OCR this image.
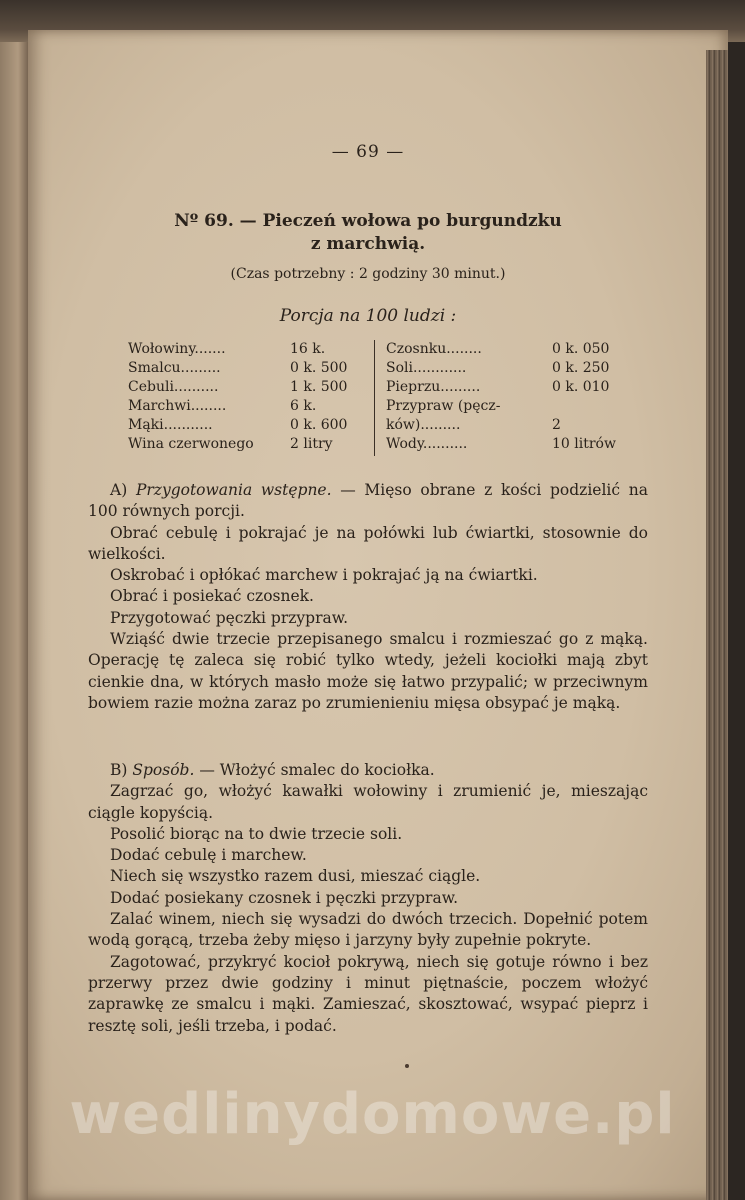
— 69 —
Nº 69. — Pieczeń wołowa po burgundzku
z marchwią.
(Czas potrzebny : 2 godziny 30 minut.)
Porcja na 100 ludzi :
Wołowiny.......	16 k.
Smalcu.........	0 k. 500
Cebuli..........	1 k. 500
Marchwi........	6 k.
Mąki...........	0 k. 600
Wina czerwonego	2 litry
Czosnku........	0 k. 050
Soli............	0 k. 250
Pieprzu.........	0 k. 010
Przypraw (pęcz-
ków).........	2
Wody..........	10 litrów

A) Przygotowania wstępne. — Mięso obrane z kości podzielić na 100 równych porcji.

Obrać cebulę i pokrajać je na połówki lub ćwiartki, stosownie do wielkości.

Oskrobać i opłókać marchew i pokrajać ją na ćwiartki.

Obrać i posiekać czosnek.

Przygotować pęczki przypraw.

Wziąść dwie trzecie przepisanego smalcu i rozmieszać go z mąką. Operację tę zaleca się robić tylko wtedy, jeżeli kociołki mają zbyt cienkie dna, w których masło może się łatwo przypalić; w przeciwnym bowiem razie można zaraz po zrumienieniu mięsa obsypać je mąką.

B) Sposób. — Włożyć smalec do kociołka.

Zagrzać go, włożyć kawałki wołowiny i zrumienić je, mieszając ciągle kopyścią.

Posolić biorąc na to dwie trzecie soli.

Dodać cebulę i marchew.

Niech się wszystko razem dusi, mieszać ciągle.

Dodać posiekany czosnek i pęczki przypraw.

Zalać winem, niech się wysadzi do dwóch trzecich. Dopełnić potem wodą gorącą, trzeba żeby mięso i jarzyny były zupełnie pokryte.

Zagotować, przykryć kocioł pokrywą, niech się gotuje równo i bez przerwy przez dwie godziny i minut piętnaście, poczem włożyć zaprawkę ze smalcu i mąki. Zamieszać, skosztować, wsypać pieprz i resztę soli, jeśli trzeba, i podać.

wedlinydomowe.pl
